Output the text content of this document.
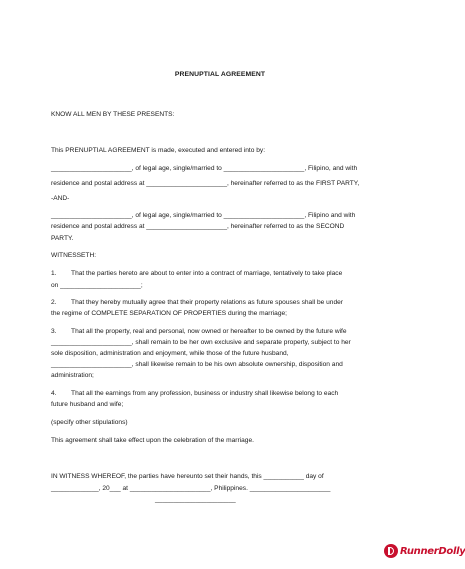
PRENUPTIAL AGREEMENT
KNOW ALL MEN BY THESE PRESENTS:
This PRENUPTIAL AGREEMENT is made, executed and entered into by:
______________________, of legal age, single/married to ______________________, Filipino, and with
residence and postal address at ______________________, hereinafter referred to as the FIRST PARTY,
-AND-
______________________, of legal age, single/married to ______________________, Filipino and with
residence and postal address at ______________________, hereinafter referred to as the SECOND
PARTY.
WITNESSETH:
1.        That the parties hereto are about to enter into a contract of marriage, tentatively to take place
on ______________________;
2.        That they hereby mutually agree that their property relations as future spouses shall be under
the regime of COMPLETE SEPARATION OF PROPERTIES during the marriage;
3.        That all the property, real and personal, now owned or hereafter to be owned by the future wife
______________________, shall remain to be her own exclusive and separate property, subject to her
sole disposition, administration and enjoyment, while those of the future husband,
______________________, shall likewise remain to be his own absolute ownership, disposition and
administration;
4.        That all the earnings from any profession, business or industry shall likewise belong to each
future husband and wife;
(specify other stipulations)
This agreement shall take effect upon the celebration of the marriage.
IN WITNESS WHEREOF, the parties have hereunto set their hands, this ___________ day of
_____________, 20___ at ______________________, Philippines. ______________________
______________________
RunnerDolly
